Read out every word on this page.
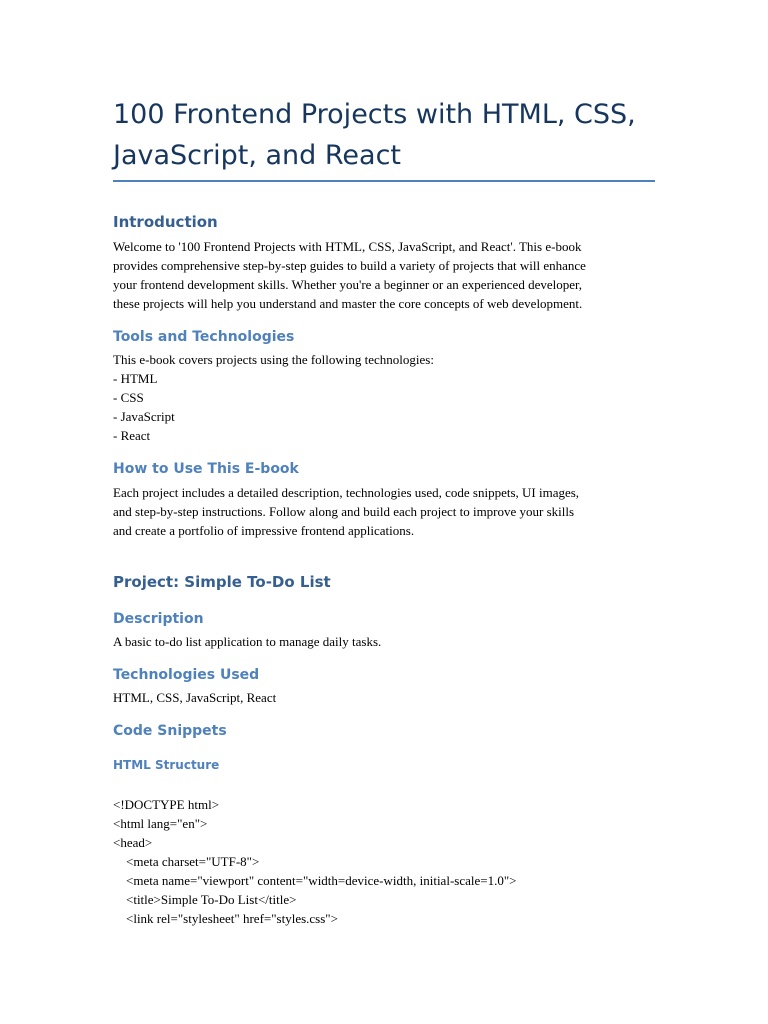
100 Frontend Projects with HTML, CSS,
JavaScript, and React
Introduction

Welcome to '100 Frontend Projects with HTML, CSS, JavaScript, and React'. This e-book
provides comprehensive step-by-step guides to build a variety of projects that will enhance
your frontend development skills. Whether you're a beginner or an experienced developer,
these projects will help you understand and master the core concepts of web development.

Tools and Technologies

This e-book covers projects using the following technologies:
- HTML
- CSS
- JavaScript
- React

How to Use This E-book

Each project includes a detailed description, technologies used, code snippets, UI images,
and step-by-step instructions. Follow along and build each project to improve your skills
and create a portfolio of impressive frontend applications.

Project: Simple To-Do List
Description

A basic to-do list application to manage daily tasks.

Technologies Used

HTML, CSS, JavaScript, React

Code Snippets
HTML Structure

<!DOCTYPE html>
<html lang="en">
<head>
<meta charset="UTF-8">
<meta name="viewport" content="width=device-width, initial-scale=1.0">
<title>Simple To-Do List</title>
<link rel="stylesheet" href="styles.css">
